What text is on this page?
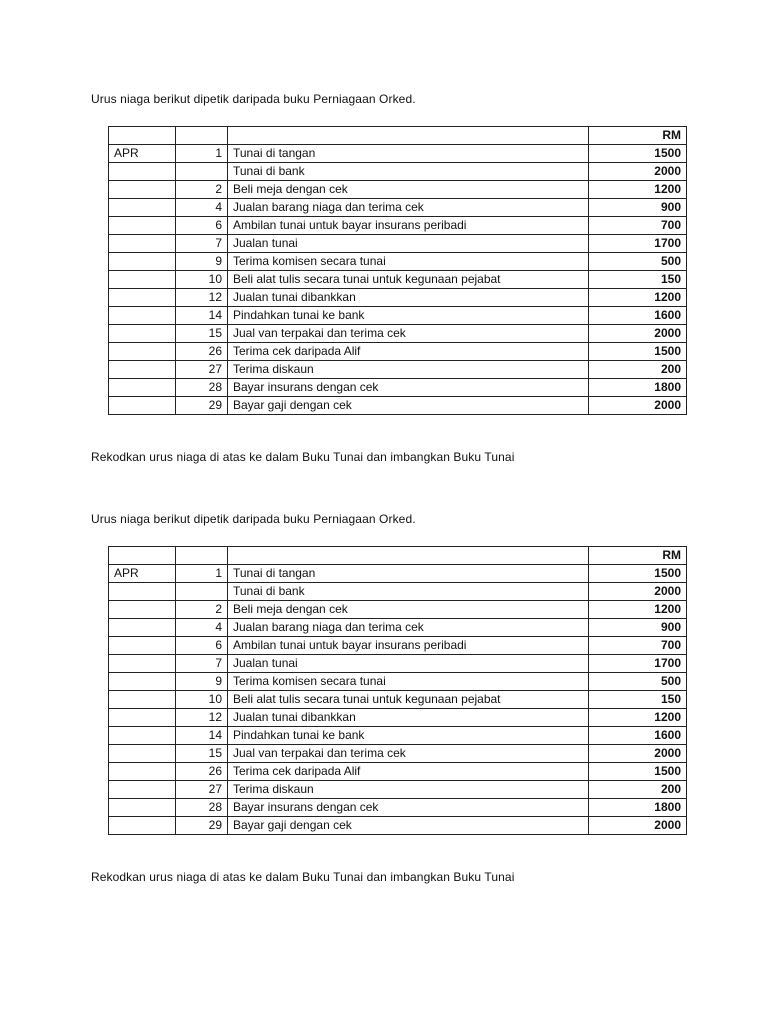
Urus niaga berikut dipetik daripada buku Perniagaan Orked.
			RM
APR	1	Tunai di tangan	1500
		Tunai di bank	2000
	2	Beli meja dengan cek	1200
	4	Jualan barang niaga dan terima cek	900
	6	Ambilan tunai untuk bayar insurans peribadi	700
	7	Jualan tunai	1700
	9	Terima komisen secara tunai	500
	10	Beli alat tulis secara tunai untuk kegunaan pejabat	150
	12	Jualan tunai dibankkan	1200
	14	Pindahkan tunai ke bank	1600
	15	Jual van terpakai dan terima cek	2000
	26	Terima cek daripada Alif	1500
	27	Terima diskaun	200
	28	Bayar insurans dengan cek	1800
	29	Bayar gaji dengan cek	2000
Rekodkan urus niaga di atas ke dalam Buku Tunai dan imbangkan Buku Tunai
Urus niaga berikut dipetik daripada buku Perniagaan Orked.
			RM
APR	1	Tunai di tangan	1500
		Tunai di bank	2000
	2	Beli meja dengan cek	1200
	4	Jualan barang niaga dan terima cek	900
	6	Ambilan tunai untuk bayar insurans peribadi	700
	7	Jualan tunai	1700
	9	Terima komisen secara tunai	500
	10	Beli alat tulis secara tunai untuk kegunaan pejabat	150
	12	Jualan tunai dibankkan	1200
	14	Pindahkan tunai ke bank	1600
	15	Jual van terpakai dan terima cek	2000
	26	Terima cek daripada Alif	1500
	27	Terima diskaun	200
	28	Bayar insurans dengan cek	1800
	29	Bayar gaji dengan cek	2000
Rekodkan urus niaga di atas ke dalam Buku Tunai dan imbangkan Buku Tunai
